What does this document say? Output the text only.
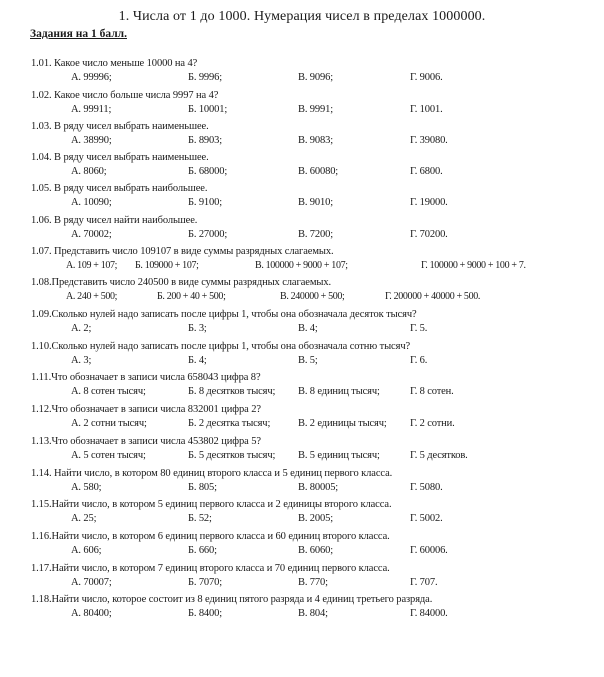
1. Числа от 1 до 1000. Нумерация чисел в пределах 1000000.
Задания на 1 балл.
1.01. Какое число меньше 10000 на 4?
А. 99996;	Б. 9996;	В. 9096;	Г. 9006.
1.02. Какое число больше числа 9997 на 4?
А. 99911;	Б. 10001;	В. 9991;	Г. 1001.
1.03. В ряду чисел выбрать наименьшее.
А. 38990;	Б. 8903;	В. 9083;	Г. 39080.
1.04. В ряду чисел выбрать наименьшее.
А. 8060;	Б. 68000;	В. 60080;	Г. 6800.
1.05. В ряду чисел выбрать наибольшее.
А. 10090;	Б. 9100;	В. 9010;	Г. 19000.
1.06. В ряду чисел найти наибольшее.
А. 70002;	Б. 27000;	В. 7200;	Г. 70200.
1.07. Представить число 109107 в виде суммы разрядных слагаемых.
А. 109 + 107; Б. 109000 + 107;	В. 100000 + 9000 + 107;	Г. 100000 + 9000 + 100 + 7.
1.08.Представить число 240500 в виде суммы разрядных слагаемых.
А. 240 + 500;	Б. 200 + 40 + 500;	В. 240000 + 500;	Г. 200000 + 40000 + 500.
1.09.Сколько нулей надо записать после цифры 1, чтобы она обозначала десяток тысяч?
А. 2;	Б. 3;	В. 4;	Г. 5.
1.10.Сколько нулей надо записать после цифры 1, чтобы она обозначала сотню тысяч?
А. 3;	Б. 4;	В. 5;	Г. 6.
1.11.Что обозначает в записи числа 658043 цифра 8?
А. 8 сотен тысяч;	Б. 8 десятков тысяч; В. 8 единиц тысяч;	Г. 8 сотен.
1.12.Что обозначает в записи числа 832001 цифра 2?
А. 2 сотни тысяч;	Б. 2 десятка тысяч;	В. 2 единицы тысяч; Г. 2 сотни.
1.13.Что обозначает в записи числа 453802 цифра 5?
А. 5 сотен тысяч;	Б. 5 десятков тысяч; В. 5 единиц тысяч;	Г. 5 десятков.
1.14. Найти число, в котором 80 единиц второго класса и 5 единиц первого класса.
А. 580;	Б. 805;	В. 80005;	Г. 5080.
1.15.Найти число, в котором 5 единиц первого класса и 2 единицы второго класса.
А. 25;	Б. 52;	В. 2005;	Г. 5002.
1.16.Найти число, в котором 6 единиц первого класса и 60 единиц второго класса.
А. 606;	Б. 660;	В. 6060;	Г. 60006.
1.17.Найти число, в котором 7 единиц второго класса и 70 единиц первого класса.
А. 70007;	Б. 7070;	В. 770;	Г. 707.
1.18.Найти число, которое состоит из 8 единиц пятого разряда и 4 единиц третьего разряда.
А. 80400;	Б. 8400;	В. 804;	Г. 84000.
